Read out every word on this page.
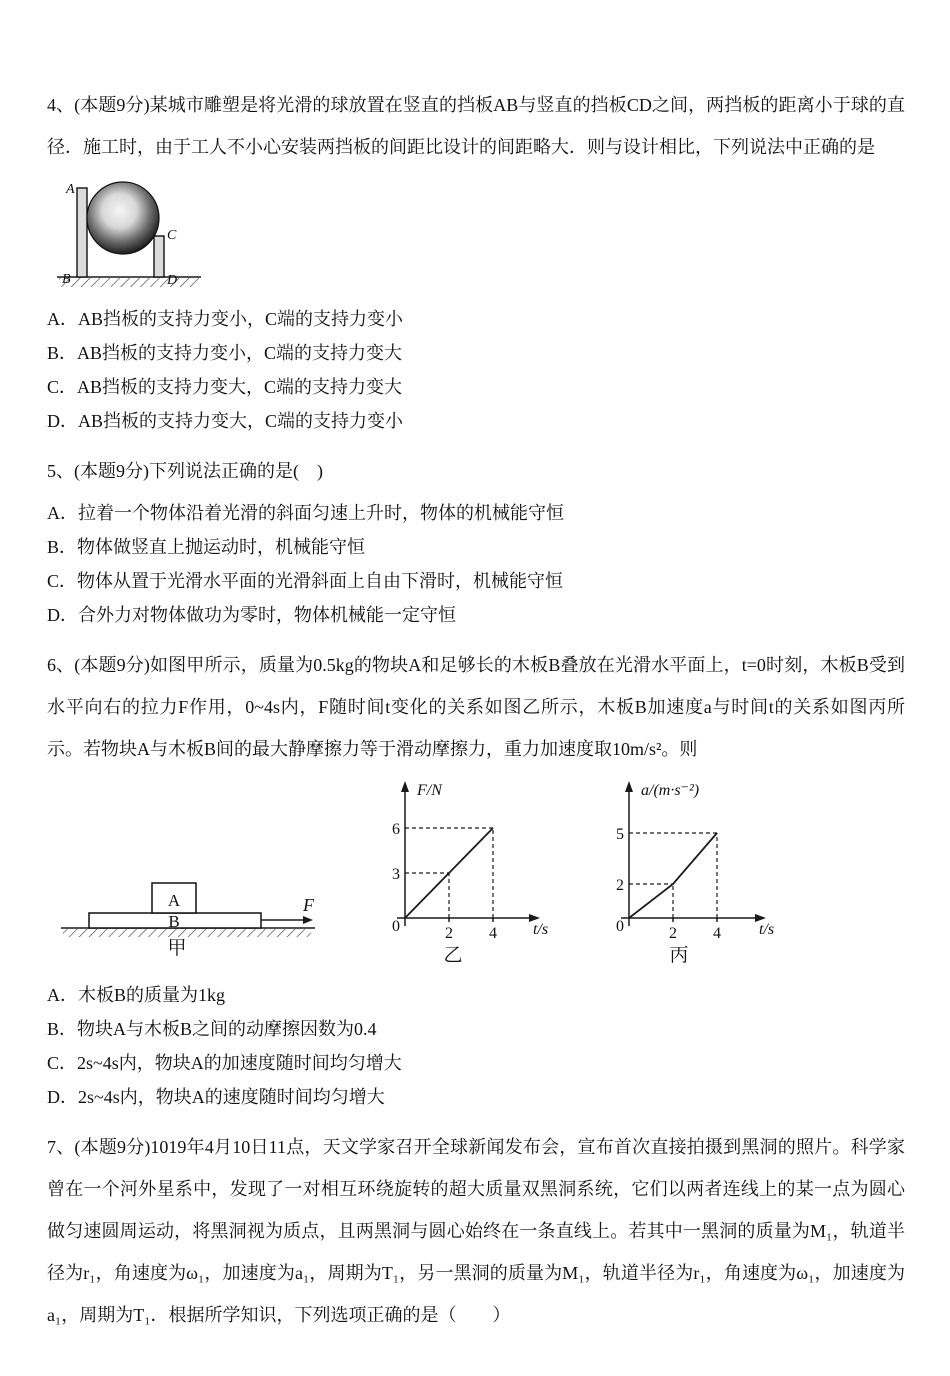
4、(本题9分)某城市雕塑是将光滑的球放置在竖直的挡板AB与竖直的挡板CD之间，两挡板的距离小于球的直径．施工时，由于工人不小心安装两挡板的间距比设计的间距略大．则与设计相比，下列说法中正确的是

A
B
C
D
A．AB挡板的支持力变小，C端的支持力变小
B．AB挡板的支持力变小，C端的支持力变大
C．AB挡板的支持力变大，C端的支持力变大
D．AB挡板的支持力变大，C端的支持力变小

5、(本题9分)下列说法正确的是(　)

A．拉着一个物体沿着光滑的斜面匀速上升时，物体的机械能守恒
B．物体做竖直上抛运动时，机械能守恒
C．物体从置于光滑水平面的光滑斜面上自由下滑时，机械能守恒
D．合外力对物体做功为零时，物体机械能一定守恒

6、(本题9分)如图甲所示，质量为0.5kg的物块A和足够长的木板B叠放在光滑水平面上，t=0时刻，木板B受到水平向右的拉力F作用，0~4s内，F随时间t变化的关系如图乙所示，木板B加速度a与时间t的关系如图丙所示。若物块A与木板B间的最大静摩擦力等于滑动摩擦力，重力加速度取10m/s²。则

A
B
F
甲
F/N
t/s
乙
2
3
4
6
0
a/(m·s⁻²)
t/s
丙
2
2
4
5
0
A．木板B的质量为1kg
B．物块A与木板B之间的动摩擦因数为0.4
C．2s~4s内，物块A的加速度随时间均匀增大
D．2s~4s内，物块A的速度随时间均匀增大

7、(本题9分)1019年4月10日11点，天文学家召开全球新闻发布会，宣布首次直接拍摄到黑洞的照片。科学家曾在一个河外星系中，发现了一对相互环绕旋转的超大质量双黑洞系统，它们以两者连线上的某一点为圆心做匀速圆周运动，将黑洞视为质点，且两黑洞与圆心始终在一条直线上。若其中一黑洞的质量为M₁，轨道半径为r₁，角速度为ω₁，加速度为a₁，周期为T₁，另一黑洞的质量为M₁，轨道半径为r₁，角速度为ω₁，加速度为a₁，周期为T₁．根据所学知识，下列选项正确的是（　　）
